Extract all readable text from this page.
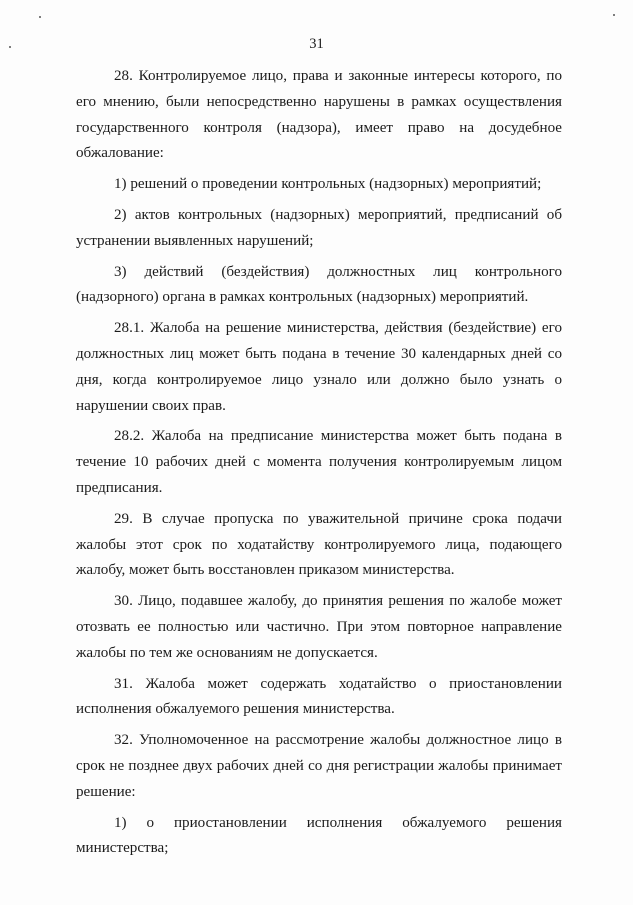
31

28. Контролируемое лицо, права и законные интересы которого, по его мнению, были непосредственно нарушены в рамках осуществления государственного контроля (надзора), имеет право на досудебное обжалование:

1) решений о проведении контрольных (надзорных) мероприятий;

2) актов контрольных (надзорных) мероприятий, предписаний об устранении выявленных нарушений;

3) действий (бездействия) должностных лиц контрольного (надзорного) органа в рамках контрольных (надзорных) мероприятий.

28.1. Жалоба на решение министерства, действия (бездействие) его должностных лиц может быть подана в течение 30 календарных дней со дня, когда контролируемое лицо узнало или должно было узнать о нарушении своих прав.

28.2. Жалоба на предписание министерства может быть подана в течение 10 рабочих дней с момента получения контролируемым лицом предписания.

29. В случае пропуска по уважительной причине срока подачи жалобы этот срок по ходатайству контролируемого лица, подающего жалобу, может быть восстановлен приказом министерства.

30. Лицо, подавшее жалобу, до принятия решения по жалобе может отозвать ее полностью или частично. При этом повторное направление жалобы по тем же основаниям не допускается.

31. Жалоба может содержать ходатайство о приостановлении исполнения обжалуемого решения министерства.

32. Уполномоченное на рассмотрение жалобы должностное лицо в срок не позднее двух рабочих дней со дня регистрации жалобы принимает решение:

1) о приостановлении исполнения обжалуемого решения министерства;
